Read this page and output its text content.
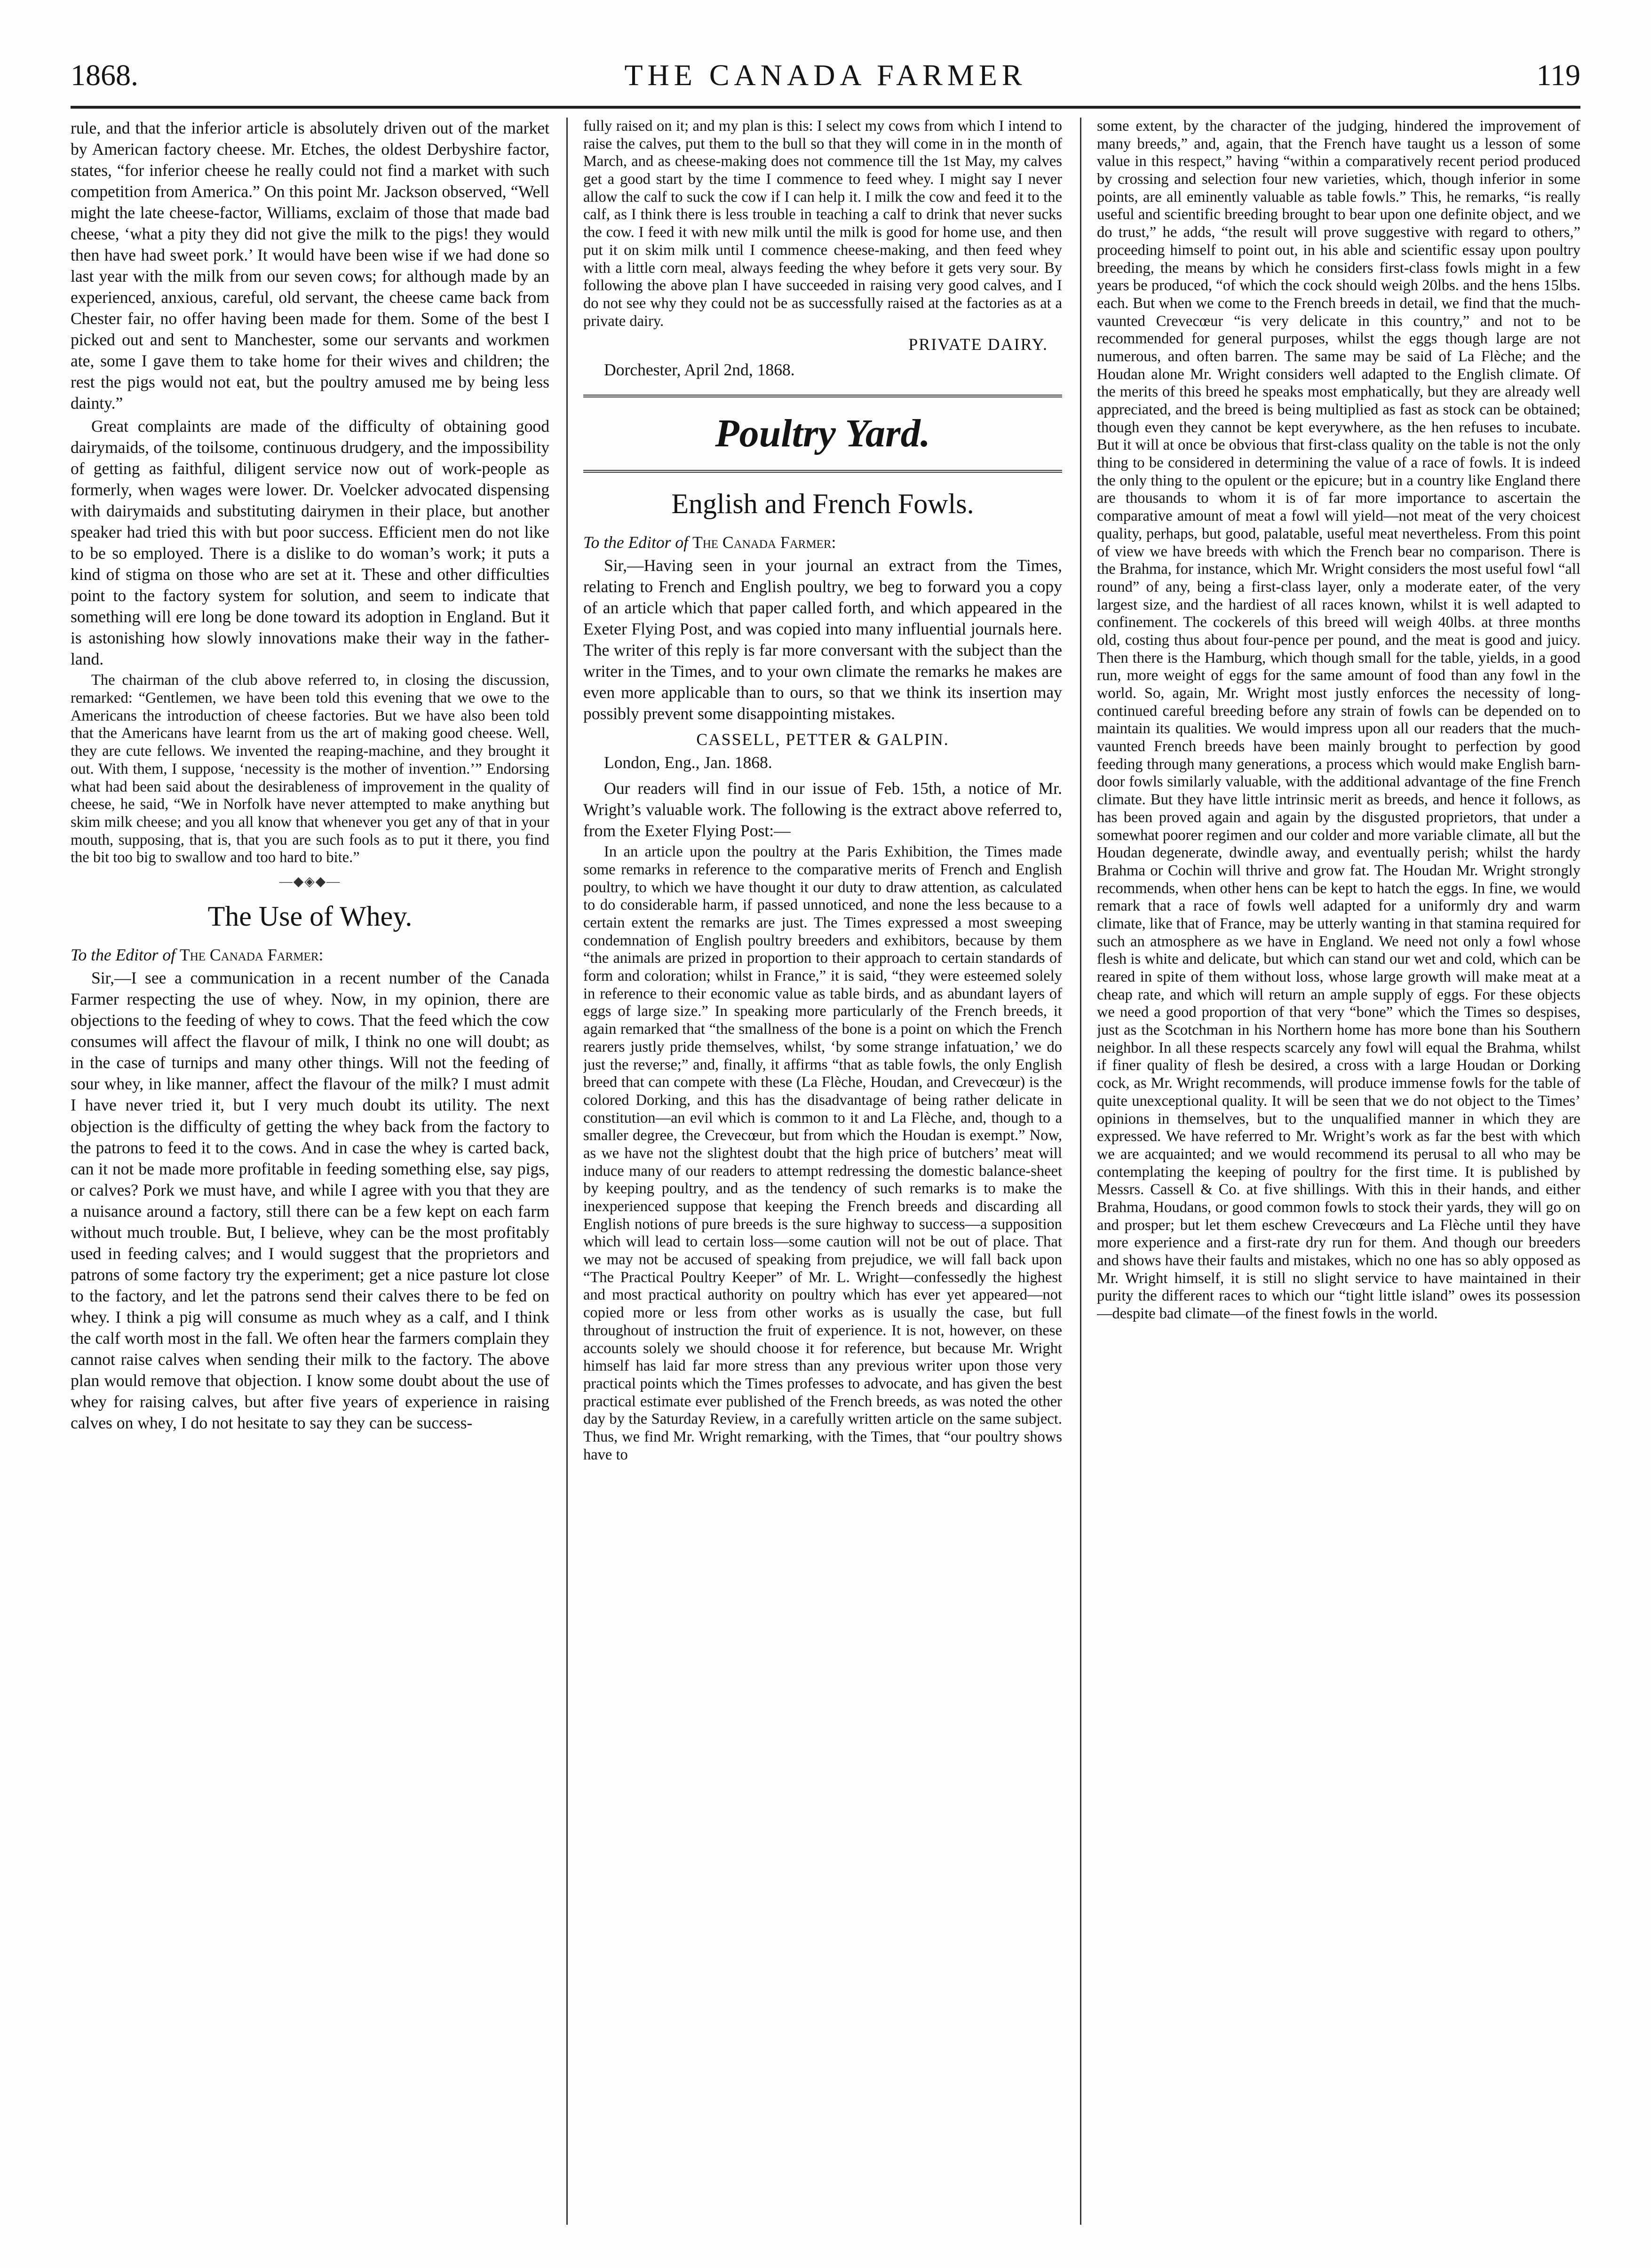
1868.	THE CANADA FARMER	119

rule, and that the inferior article is absolutely driven out of the market by American factory cheese. Mr. Etches, the oldest Derbyshire factor, states, “for inferior cheese he really could not find a market with such competition from America.” On this point Mr. Jackson observed, “Well might the late cheese-factor, Williams, exclaim of those that made bad cheese, ‘what a pity they did not give the milk to the pigs! they would then have had sweet pork.’ It would have been wise if we had done so last year with the milk from our seven cows; for although made by an experienced, anxious, careful, old servant, the cheese came back from Chester fair, no offer having been made for them. Some of the best I picked out and sent to Manchester, some our servants and workmen ate, some I gave them to take home for their wives and children; the rest the pigs would not eat, but the poultry amused me by being less dainty.”

Great complaints are made of the difficulty of obtaining good dairymaids, of the toilsome, continuous drudgery, and the impossibility of getting as faithful, diligent service now out of work-people as formerly, when wages were lower. Dr. Voelcker advocated dispensing with dairymaids and substituting dairymen in their place, but another speaker had tried this with but poor success. Efficient men do not like to be so employed. There is a dislike to do woman’s work; it puts a kind of stigma on those who are set at it. These and other difficulties point to the factory system for solution, and seem to indicate that something will ere long be done toward its adoption in England. But it is astonishing how slowly innovations make their way in the father-land.

The chairman of the club above referred to, in closing the discussion, remarked: “Gentlemen, we have been told this evening that we owe to the Americans the introduction of cheese factories. But we have also been told that the Americans have learnt from us the art of making good cheese. Well, they are cute fellows. We invented the reaping-machine, and they brought it out. With them, I suppose, ‘necessity is the mother of invention.’” Endorsing what had been said about the desirableness of improvement in the quality of cheese, he said, “We in Norfolk have never attempted to make anything but skim milk cheese; and you all know that whenever you get any of that in your mouth, supposing, that is, that you are such fools as to put it there, you find the bit too big to swallow and too hard to bite.”

—◆◈◆—
The Use of Whey.

To the Editor of The Canada Farmer:

Sir,—I see a communication in a recent number of the Canada Farmer respecting the use of whey. Now, in my opinion, there are objections to the feeding of whey to cows. That the feed which the cow consumes will affect the flavour of milk, I think no one will doubt; as in the case of turnips and many other things. Will not the feeding of sour whey, in like manner, affect the flavour of the milk? I must admit I have never tried it, but I very much doubt its utility. The next objection is the difficulty of getting the whey back from the factory to the patrons to feed it to the cows. And in case the whey is carted back, can it not be made more profitable in feeding something else, say pigs, or calves? Pork we must have, and while I agree with you that they are a nuisance around a factory, still there can be a few kept on each farm without much trouble. But, I believe, whey can be the most profitably used in feeding calves; and I would suggest that the proprietors and patrons of some factory try the experiment; get a nice pasture lot close to the factory, and let the patrons send their calves there to be fed on whey. I think a pig will consume as much whey as a calf, and I think the calf worth most in the fall. We often hear the farmers complain they cannot raise calves when sending their milk to the factory. The above plan would remove that objection. I know some doubt about the use of whey for raising calves, but after five years of experience in raising calves on whey, I do not hesitate to say they can be success-

fully raised on it; and my plan is this: I select my cows from which I intend to raise the calves, put them to the bull so that they will come in in the month of March, and as cheese-making does not commence till the 1st May, my calves get a good start by the time I commence to feed whey. I might say I never allow the calf to suck the cow if I can help it. I milk the cow and feed it to the calf, as I think there is less trouble in teaching a calf to drink that never sucks the cow. I feed it with new milk until the milk is good for home use, and then put it on skim milk until I commence cheese-making, and then feed whey with a little corn meal, always feeding the whey before it gets very sour. By following the above plan I have succeeded in raising very good calves, and I do not see why they could not be as successfully raised at the factories as at a private dairy.

PRIVATE DAIRY.
Dorchester, April 2nd, 1868.
Poultry Yard.
English and French Fowls.

To the Editor of The Canada Farmer:

Sir,—Having seen in your journal an extract from the Times, relating to French and English poultry, we beg to forward you a copy of an article which that paper called forth, and which appeared in the Exeter Flying Post, and was copied into many influential journals here. The writer of this reply is far more conversant with the subject than the writer in the Times, and to your own climate the remarks he makes are even more applicable than to ours, so that we think its insertion may possibly prevent some disappointing mistakes.

CASSELL, PETTER & GALPIN.
London, Eng., Jan. 1868.

Our readers will find in our issue of Feb. 15th, a notice of Mr. Wright’s valuable work. The following is the extract above referred to, from the Exeter Flying Post:—

In an article upon the poultry at the Paris Exhibition, the Times made some remarks in reference to the comparative merits of French and English poultry, to which we have thought it our duty to draw attention, as calculated to do considerable harm, if passed unnoticed, and none the less because to a certain extent the remarks are just. The Times expressed a most sweeping condemnation of English poultry breeders and exhibitors, because by them “the animals are prized in proportion to their approach to certain standards of form and coloration; whilst in France,” it is said, “they were esteemed solely in reference to their economic value as table birds, and as abundant layers of eggs of large size.” In speaking more particularly of the French breeds, it again remarked that “the smallness of the bone is a point on which the French rearers justly pride themselves, whilst, ‘by some strange infatuation,’ we do just the reverse;” and, finally, it affirms “that as table fowls, the only English breed that can compete with these (La Flèche, Houdan, and Crevecœur) is the colored Dorking, and this has the disadvantage of being rather delicate in constitution—an evil which is common to it and La Flèche, and, though to a smaller degree, the Crevecœur, but from which the Houdan is exempt.” Now, as we have not the slightest doubt that the high price of butchers’ meat will induce many of our readers to attempt redressing the domestic balance-sheet by keeping poultry, and as the tendency of such remarks is to make the inexperienced suppose that keeping the French breeds and discarding all English notions of pure breeds is the sure highway to success—a supposition which will lead to certain loss—some caution will not be out of place. That we may not be accused of speaking from prejudice, we will fall back upon “The Practical Poultry Keeper” of Mr. L. Wright—confessedly the highest and most practical authority on poultry which has ever yet appeared—not copied more or less from other works as is usually the case, but full throughout of instruction the fruit of experience. It is not, however, on these accounts solely we should choose it for reference, but because Mr. Wright himself has laid far more stress than any previous writer upon those very practical points which the Times professes to advocate, and has given the best practical estimate ever published of the French breeds, as was noted the other day by the Saturday Review, in a carefully written article on the same subject. Thus, we find Mr. Wright remarking, with the Times, that “our poultry shows have to

some extent, by the character of the judging, hindered the improvement of many breeds,” and, again, that the French have taught us a lesson of some value in this respect,” having “within a comparatively recent period produced by crossing and selection four new varieties, which, though inferior in some points, are all eminently valuable as table fowls.” This, he remarks, “is really useful and scientific breeding brought to bear upon one definite object, and we do trust,” he adds, “the result will prove suggestive with regard to others,” proceeding himself to point out, in his able and scientific essay upon poultry breeding, the means by which he considers first-class fowls might in a few years be produced, “of which the cock should weigh 20lbs. and the hens 15lbs. each. But when we come to the French breeds in detail, we find that the much-vaunted Crevecœur “is very delicate in this country,” and not to be recommended for general purposes, whilst the eggs though large are not numerous, and often barren. The same may be said of La Flèche; and the Houdan alone Mr. Wright considers well adapted to the English climate. Of the merits of this breed he speaks most emphatically, but they are already well appreciated, and the breed is being multiplied as fast as stock can be obtained; though even they cannot be kept everywhere, as the hen refuses to incubate. But it will at once be obvious that first-class quality on the table is not the only thing to be considered in determining the value of a race of fowls. It is indeed the only thing to the opulent or the epicure; but in a country like England there are thousands to whom it is of far more importance to ascertain the comparative amount of meat a fowl will yield—not meat of the very choicest quality, perhaps, but good, palatable, useful meat nevertheless. From this point of view we have breeds with which the French bear no comparison. There is the Brahma, for instance, which Mr. Wright considers the most useful fowl “all round” of any, being a first-class layer, only a moderate eater, of the very largest size, and the hardiest of all races known, whilst it is well adapted to confinement. The cockerels of this breed will weigh 40lbs. at three months old, costing thus about four-pence per pound, and the meat is good and juicy. Then there is the Hamburg, which though small for the table, yields, in a good run, more weight of eggs for the same amount of food than any fowl in the world. So, again, Mr. Wright most justly enforces the necessity of long-continued careful breeding before any strain of fowls can be depended on to maintain its qualities. We would impress upon all our readers that the much-vaunted French breeds have been mainly brought to perfection by good feeding through many generations, a process which would make English barn-door fowls similarly valuable, with the additional advantage of the fine French climate. But they have little intrinsic merit as breeds, and hence it follows, as has been proved again and again by the disgusted proprietors, that under a somewhat poorer regimen and our colder and more variable climate, all but the Houdan degenerate, dwindle away, and eventually perish; whilst the hardy Brahma or Cochin will thrive and grow fat. The Houdan Mr. Wright strongly recommends, when other hens can be kept to hatch the eggs. In fine, we would remark that a race of fowls well adapted for a uniformly dry and warm climate, like that of France, may be utterly wanting in that stamina required for such an atmosphere as we have in England. We need not only a fowl whose flesh is white and delicate, but which can stand our wet and cold, which can be reared in spite of them without loss, whose large growth will make meat at a cheap rate, and which will return an ample supply of eggs. For these objects we need a good proportion of that very “bone” which the Times so despises, just as the Scotchman in his Northern home has more bone than his Southern neighbor. In all these respects scarcely any fowl will equal the Brahma, whilst if finer quality of flesh be desired, a cross with a large Houdan or Dorking cock, as Mr. Wright recommends, will produce immense fowls for the table of quite unexceptional quality. It will be seen that we do not object to the Times’ opinions in themselves, but to the unqualified manner in which they are expressed. We have referred to Mr. Wright’s work as far the best with which we are acquainted; and we would recommend its perusal to all who may be contemplating the keeping of poultry for the first time. It is published by Messrs. Cassell & Co. at five shillings. With this in their hands, and either Brahma, Houdans, or good common fowls to stock their yards, they will go on and prosper; but let them eschew Crevecœurs and La Flèche until they have more experience and a first-rate dry run for them. And though our breeders and shows have their faults and mistakes, which no one has so ably opposed as Mr. Wright himself, it is still no slight service to have maintained in their purity the different races to which our “tight little island” owes its possession—despite bad climate—of the finest fowls in the world.
